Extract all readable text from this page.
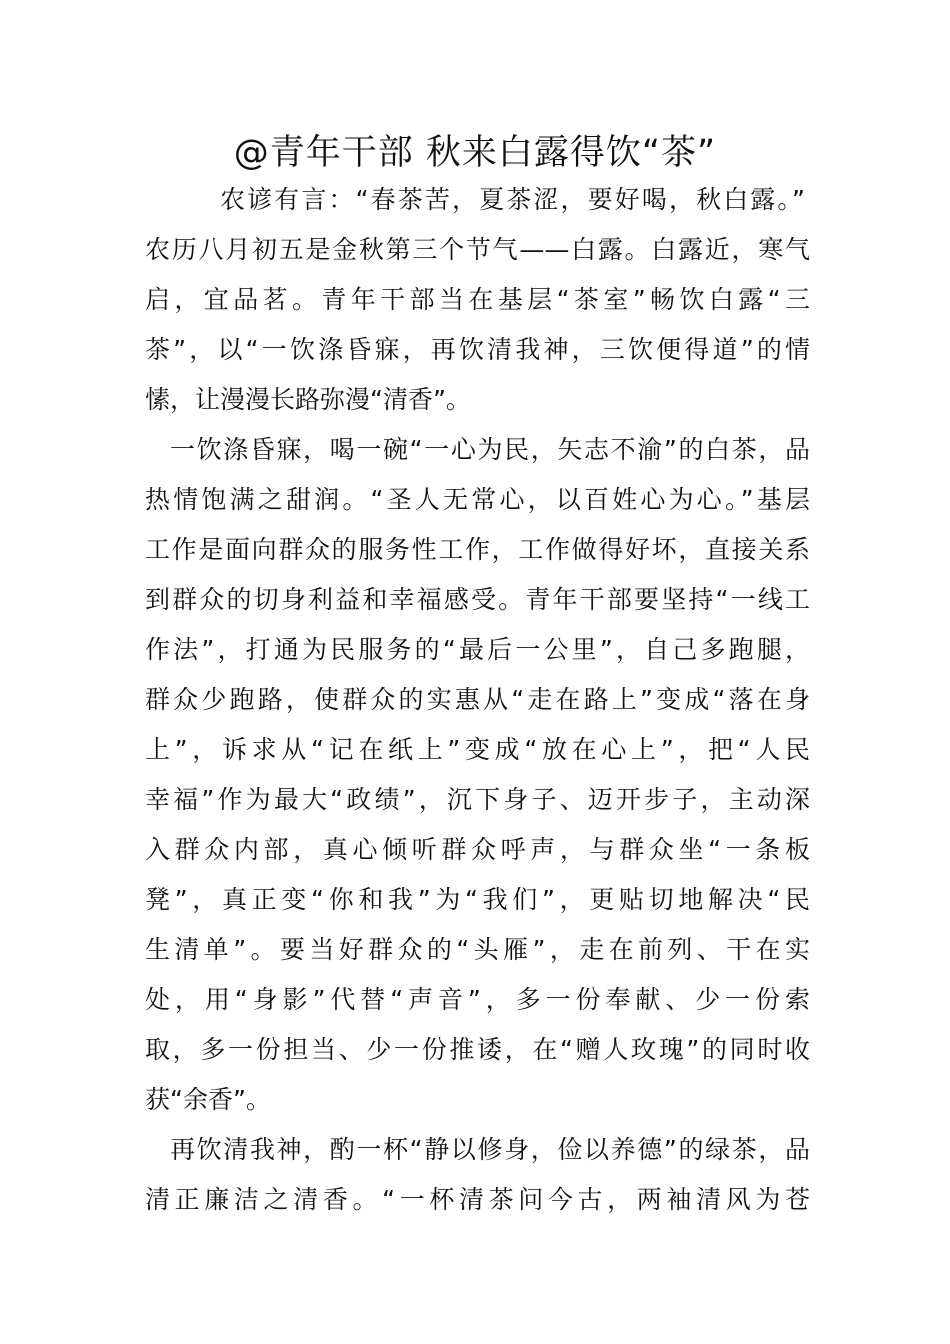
@青年干部 秋来白露得饮“茶”
农谚有言：“春茶苦，夏茶涩，要好喝，秋白露。”
农历八月初五是金秋第三个节气——白露。白露近，寒气
启，宜品茗。青年干部当在基层“茶室”畅饮白露“三
茶”，以“一饮涤昏寐，再饮清我神，三饮便得道”的情
愫，让漫漫长路弥漫“清香”。
一饮涤昏寐，喝一碗“一心为民，矢志不渝”的白茶，品
热情饱满之甜润。“圣人无常心，以百姓心为心。”基层
工作是面向群众的服务性工作，工作做得好坏，直接关系
到群众的切身利益和幸福感受。青年干部要坚持“一线工
作法”，打通为民服务的“最后一公里”，自己多跑腿，
群众少跑路，使群众的实惠从“走在路上”变成“落在身
上”，诉求从“记在纸上”变成“放在心上”，把“人民
幸福”作为最大“政绩”，沉下身子、迈开步子，主动深
入群众内部，真心倾听群众呼声，与群众坐“一条板
凳”，真正变“你和我”为“我们”，更贴切地解决“民
生清单”。要当好群众的“头雁”，走在前列、干在实
处，用“身影”代替“声音”，多一份奉献、少一份索
取，多一份担当、少一份推诿，在“赠人玫瑰”的同时收
获“余香”。
再饮清我神，酌一杯“静以修身，俭以养德”的绿茶，品
清正廉洁之清香。“一杯清茶问今古，两袖清风为苍
